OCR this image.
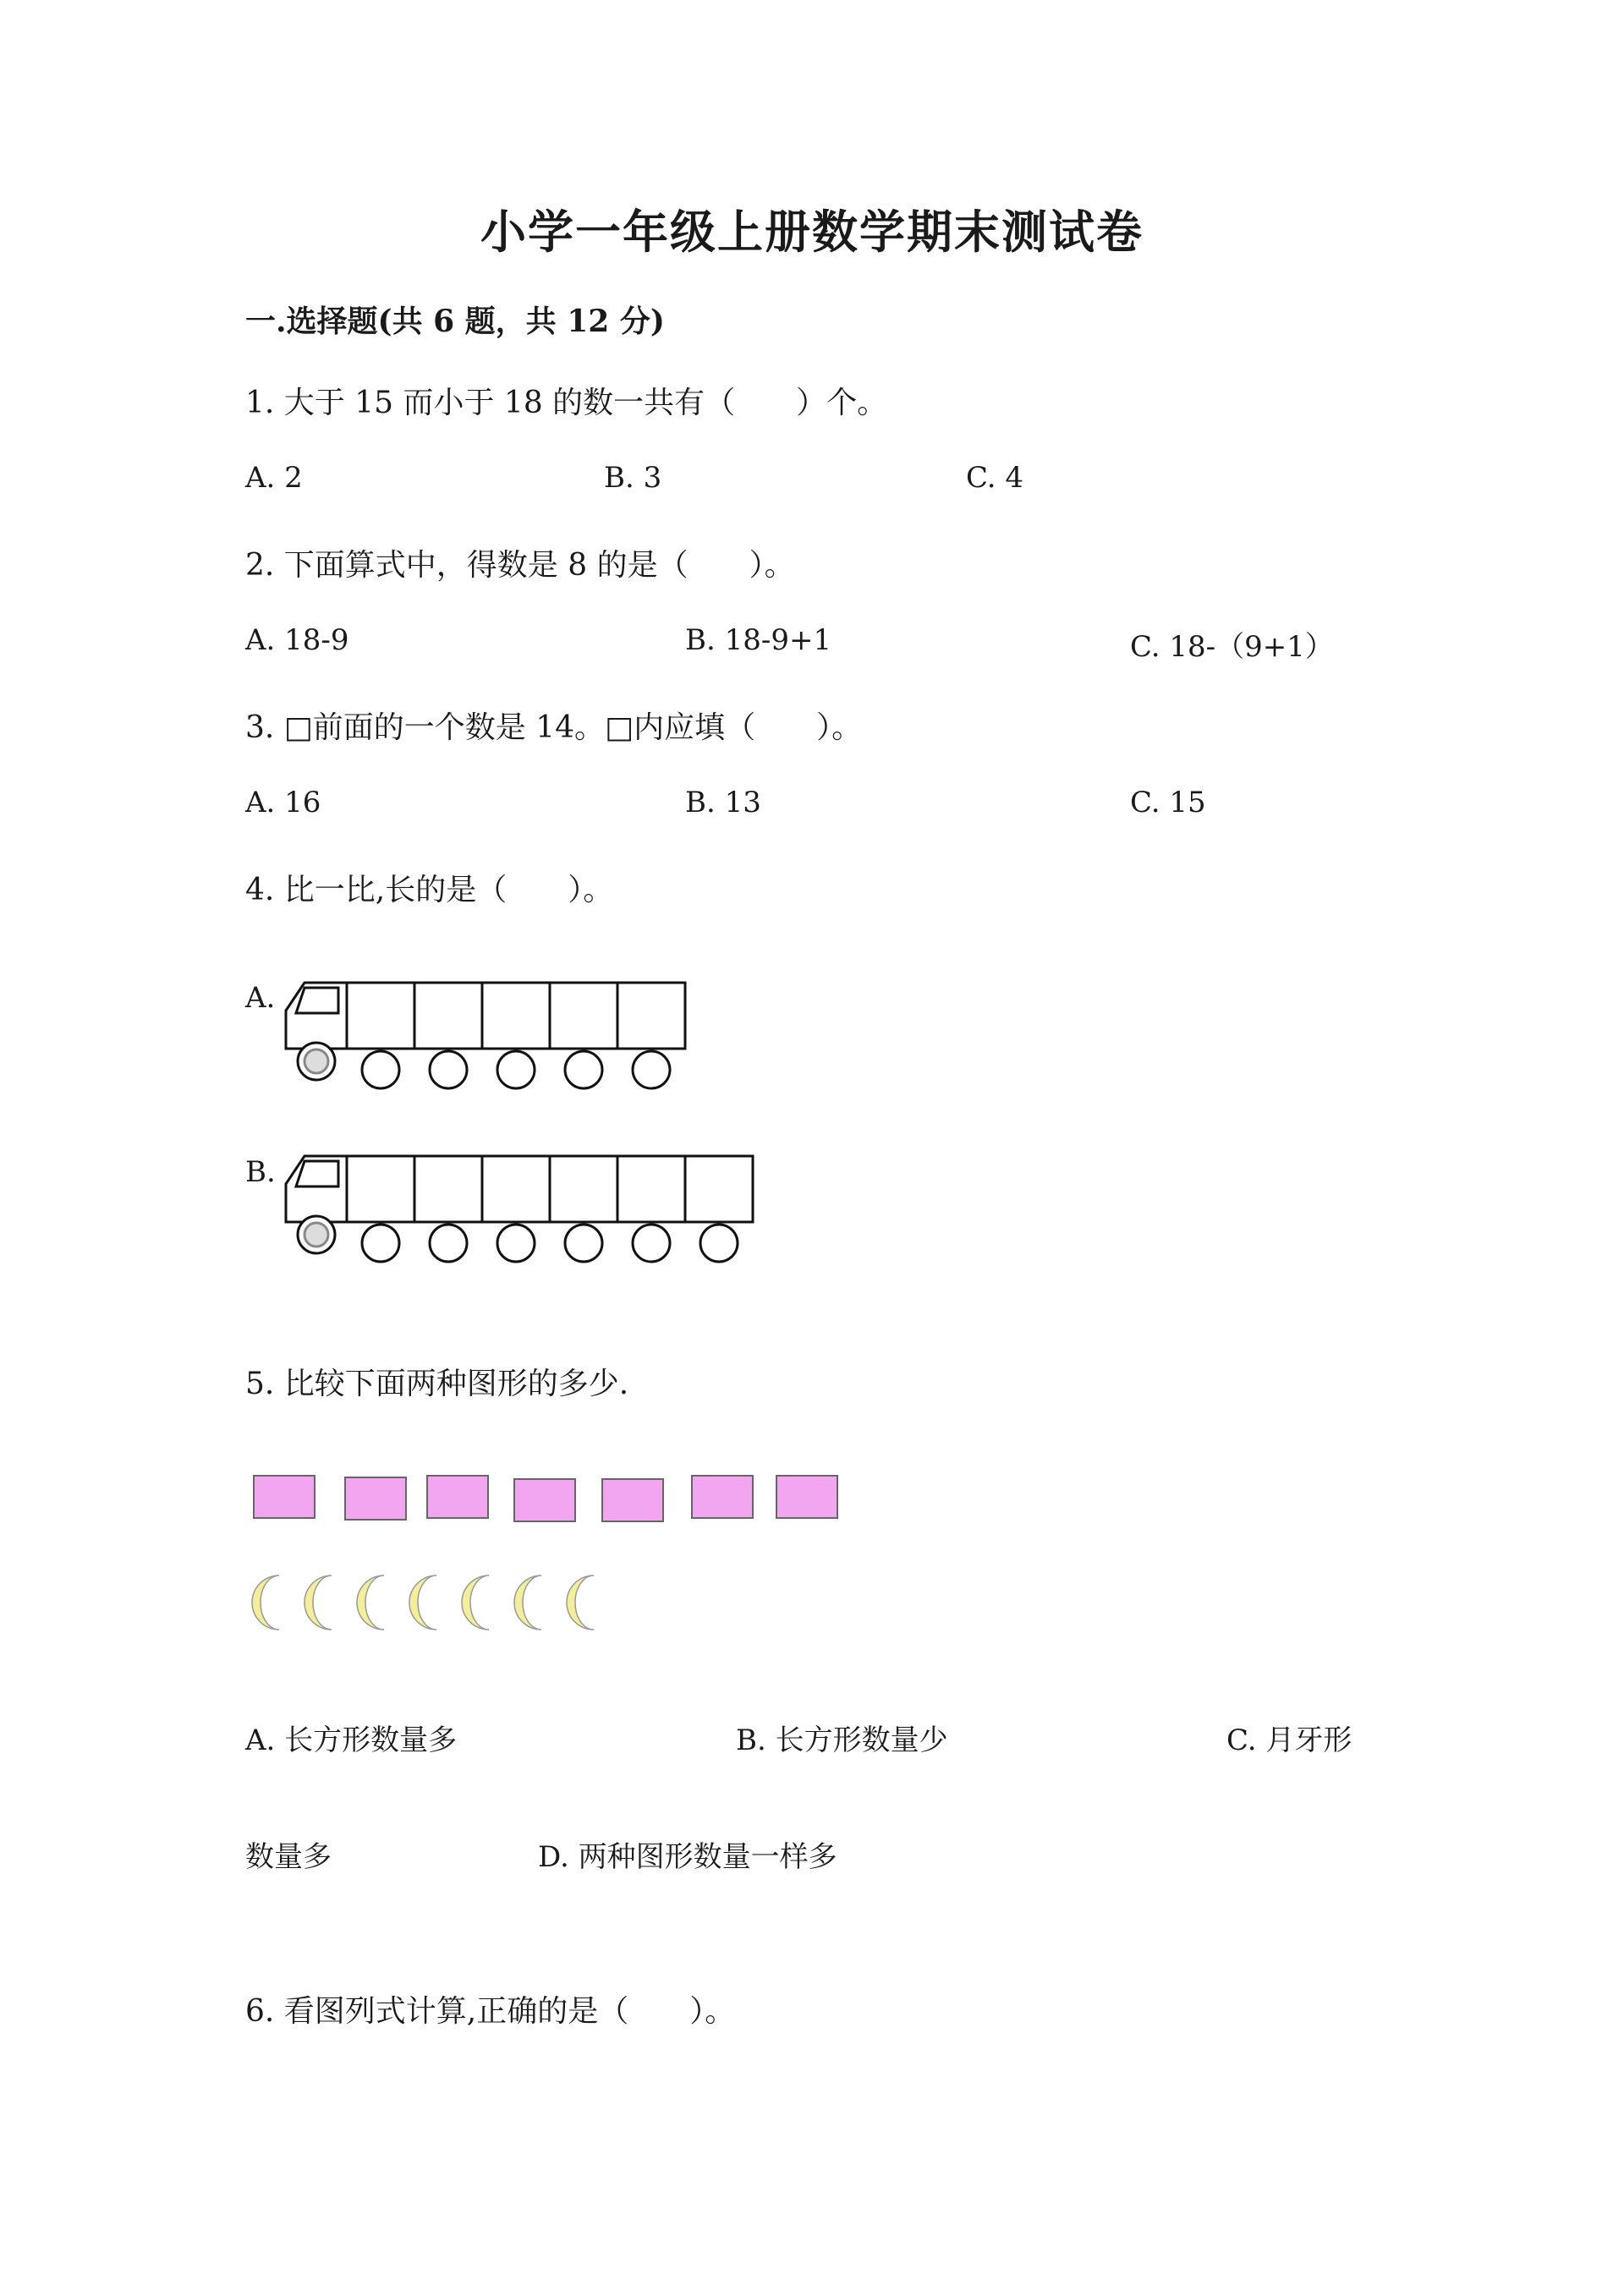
小学一年级上册数学期末测试卷
一.选择题(共 6 题，共 12 分)
1. 大于 15 而小于 18 的数一共有（　　）个。
A. 2	B. 3	C. 4
2. 下面算式中，得数是 8 的是（　　）。
A. 18-9	B. 18-9+1	C. 18-（9+1）
3. □前面的一个数是 14。□内应填（　　）。
A. 16	B. 13	C. 15
4. 比一比,长的是（　　）。
A.
B.
5. 比较下面两种图形的多少.
A. 长方形数量多	B. 长方形数量少	C. 月牙形
数量多	D. 两种图形数量一样多
6. 看图列式计算,正确的是（　　）。
